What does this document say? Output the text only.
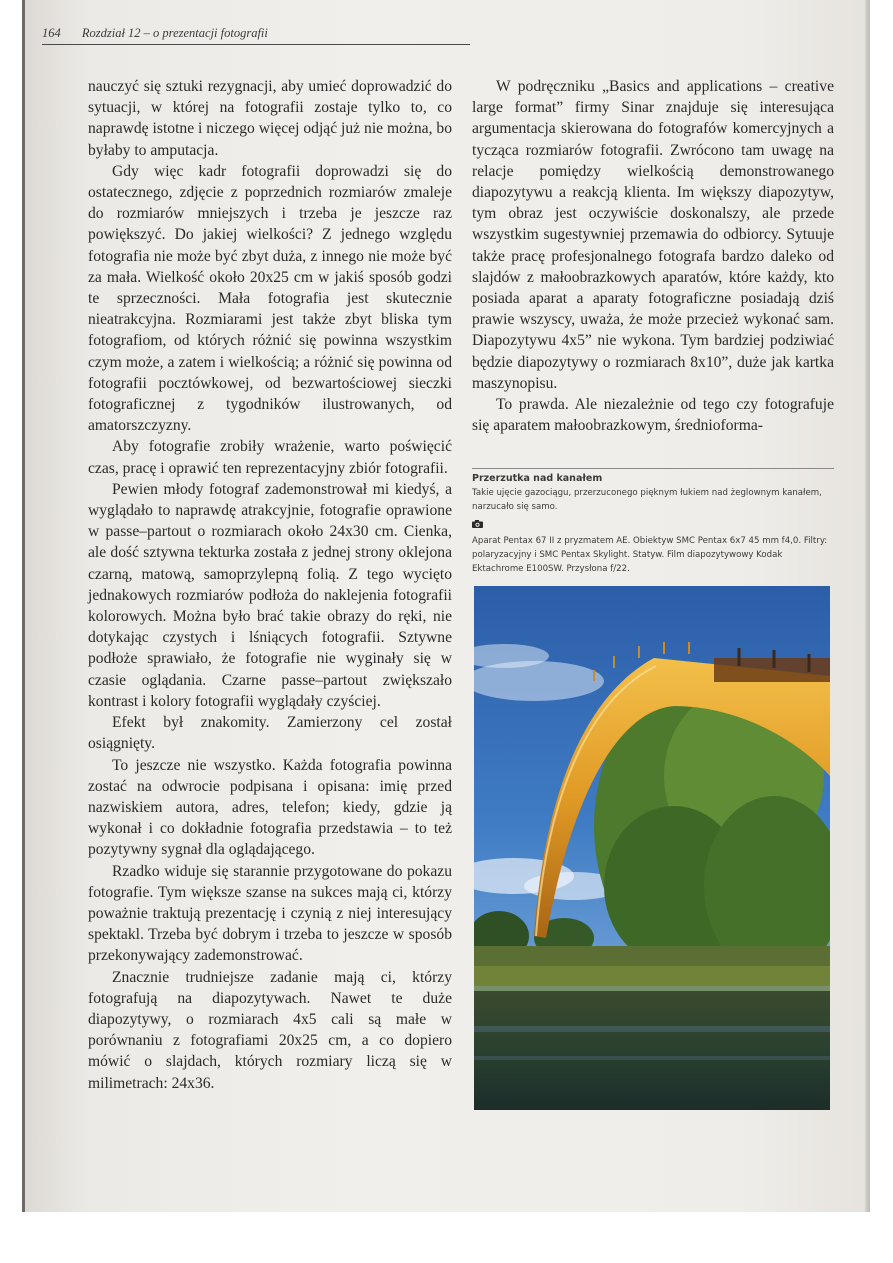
164 Rozdział 12 – o prezentacji fotografii

nauczyć się sztuki rezygnacji, aby umieć doprowadzić do sytuacji, w której na fotografii zostaje tylko to, co naprawdę istotne i niczego więcej odjąć już nie można, bo byłaby to amputacja.

Gdy więc kadr fotografii doprowadzi się do ostatecznego, zdjęcie z poprzednich rozmiarów zmaleje do rozmiarów mniejszych i trzeba je jeszcze raz powiększyć. Do jakiej wielkości? Z jednego względu fotografia nie może być zbyt duża, z innego nie może być za mała. Wielkość około 20x25 cm w jakiś sposób godzi te sprzeczności. Mała fotografia jest skutecznie nieatrakcyjna. Rozmiarami jest także zbyt bliska tym fotografiom, od których różnić się powinna wszystkim czym może, a zatem i wielkością; a różnić się powinna od fotografii pocztówkowej, od bezwartościowej sieczki fotograficznej z tygodników ilustrowanych, od amatorszczyzny.

Aby fotografie zrobiły wrażenie, warto poświęcić czas, pracę i oprawić ten reprezentacyjny zbiór fotografii.

Pewien młody fotograf zademonstrował mi kiedyś, a wyglądało to naprawdę atrakcyjnie, fotografie oprawione w passe–partout o rozmiarach około 24x30 cm. Cienka, ale dość sztywna tekturka została z jednej strony oklejona czarną, matową, samoprzylepną folią. Z tego wycięto jednakowych rozmiarów podłoża do naklejenia fotografii kolorowych. Można było brać takie obrazy do ręki, nie dotykając czystych i lśniących fotografii. Sztywne podłoże sprawiało, że fotografie nie wyginały się w czasie oglądania. Czarne passe–partout zwiększało kontrast i kolory fotografii wyglądały czyściej.

Efekt był znakomity. Zamierzony cel został osiągnięty.

To jeszcze nie wszystko. Każda fotografia powinna zostać na odwrocie podpisana i opisana: imię przed nazwiskiem autora, adres, telefon; kiedy, gdzie ją wykonał i co dokładnie fotografia przedstawia – to też pozytywny sygnał dla oglądającego.

Rzadko widuje się starannie przygotowane do pokazu fotografie. Tym większe szanse na sukces mają ci, którzy poważnie traktują prezentację i czynią z niej interesujący spektakl. Trzeba być dobrym i trzeba to jeszcze w sposób przekonywający zademonstrować.

Znacznie trudniejsze zadanie mają ci, którzy fotografują na diapozytywach. Nawet te duże diapozytywy, o rozmiarach 4x5 cali są małe w porównaniu z fotografiami 20x25 cm, a co dopiero mówić o slajdach, których rozmiary liczą się w milimetrach: 24x36.

W podręczniku „Basics and applications – creative large format” firmy Sinar znajduje się interesująca argumentacja skierowana do fotografów komercyjnych a tycząca rozmiarów fotografii. Zwrócono tam uwagę na relacje pomiędzy wielkością demonstrowanego diapozytywu a reakcją klienta. Im większy diapozytyw, tym obraz jest oczywiście doskonalszy, ale przede wszystkim sugestywniej przemawia do odbiorcy. Sytuuje także pracę profesjonalnego fotografa bardzo daleko od slajdów z małoobrazkowych aparatów, które każdy, kto posiada aparat a aparaty fotograficzne posiadają dziś prawie wszyscy, uważa, że może przecież wykonać sam. Diapozytywu 4x5” nie wykona. Tym bardziej podziwiać będzie diapozytywy o rozmiarach 8x10”, duże jak kartka maszynopisu.

To prawda. Ale niezależnie od tego czy fotografuje się aparatem małoobrazkowym, średnioforma-

Przerzutka nad kanałem

Takie ujęcie gazociągu, przerzuconego pięknym łukiem nad żeglownym kanałem, narzucało się samo.

Aparat Pentax 67 II z pryzmatem AE. Obiektyw SMC Pentax 6x7 45 mm f4,0. Filtry: polaryzacyjny i SMC Pentax Skylight. Statyw. Film diapozytywowy Kodak Ektachrome E100SW. Przysłona f/22.
